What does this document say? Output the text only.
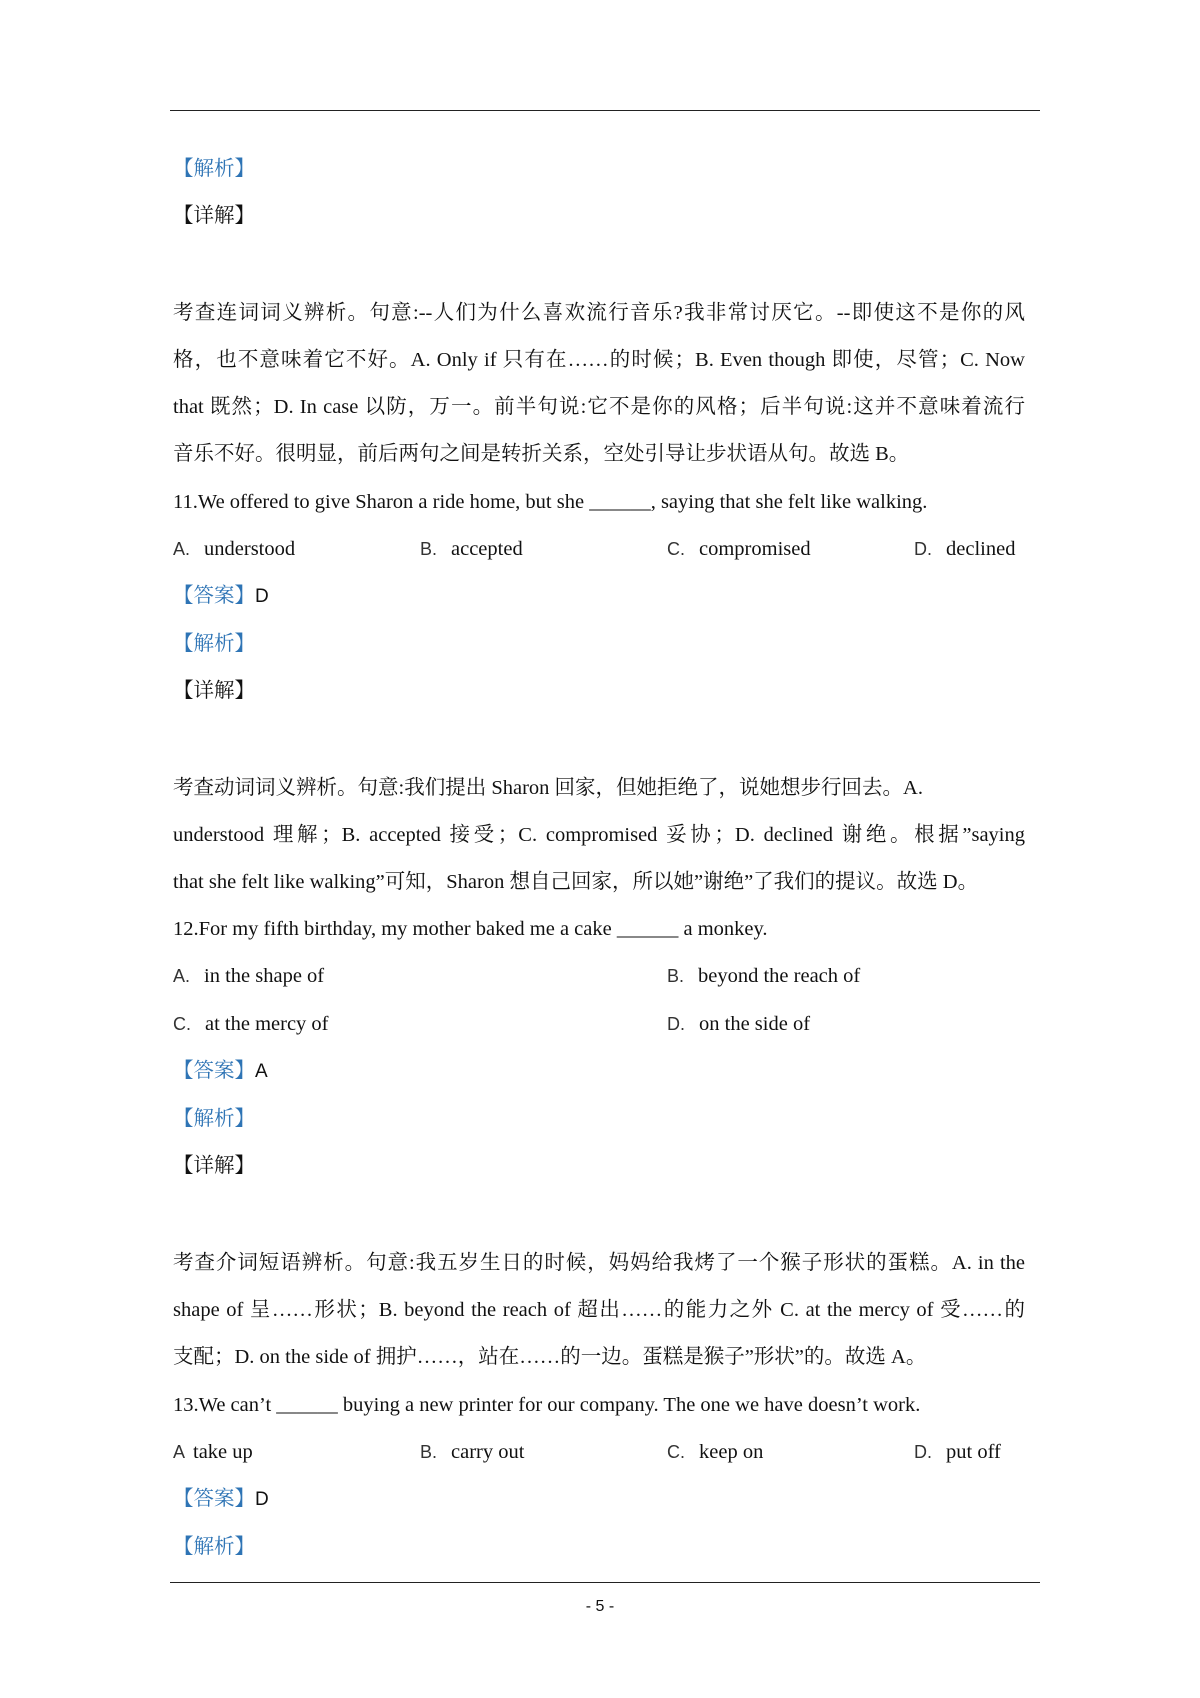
【解析】
【详解】
考查连词词义辨析。句意:--人们为什么喜欢流行音乐?我非常讨厌它。--即使这不是你的风
格，也不意味着它不好。A. Only if 只有在……的时候；B. Even though 即使，尽管；C. Now
that 既然；D. In case 以防，万一。前半句说:它不是你的风格；后半句说:这并不意味着流行
音乐不好。很明显，前后两句之间是转折关系，空处引导让步状语从句。故选 B。
11.We offered to give Sharon a ride home, but she ______, saying that she felt like walking.
A. understood	B. accepted	C. compromised	D. declined
【答案】D
【解析】
【详解】
考查动词词义辨析。句意:我们提出 Sharon 回家，但她拒绝了，说她想步行回去。A.
understood 理解；B. accepted 接受；C. compromised 妥协；D. declined 谢绝。根据”saying
that she felt like walking”可知，Sharon 想自己回家，所以她”谢绝”了我们的提议。故选 D。
12.For my fifth birthday, my mother baked me a cake ______ a monkey.
A. in the shape of	B. beyond the reach of
C. at the mercy of	D. on the side of
【答案】A
【解析】
【详解】
考查介词短语辨析。句意:我五岁生日的时候，妈妈给我烤了一个猴子形状的蛋糕。A. in the
shape of 呈……形状；B. beyond the reach of 超出……的能力之外 C. at the mercy of 受……的
支配；D. on the side of 拥护……，站在……的一边。蛋糕是猴子”形状”的。故选 A。
13.We can’t ______ buying a new printer for our company. The one we have doesn’t work.
A take up	B. carry out	C. keep on	D. put off
【答案】D
【解析】
- 5 -
